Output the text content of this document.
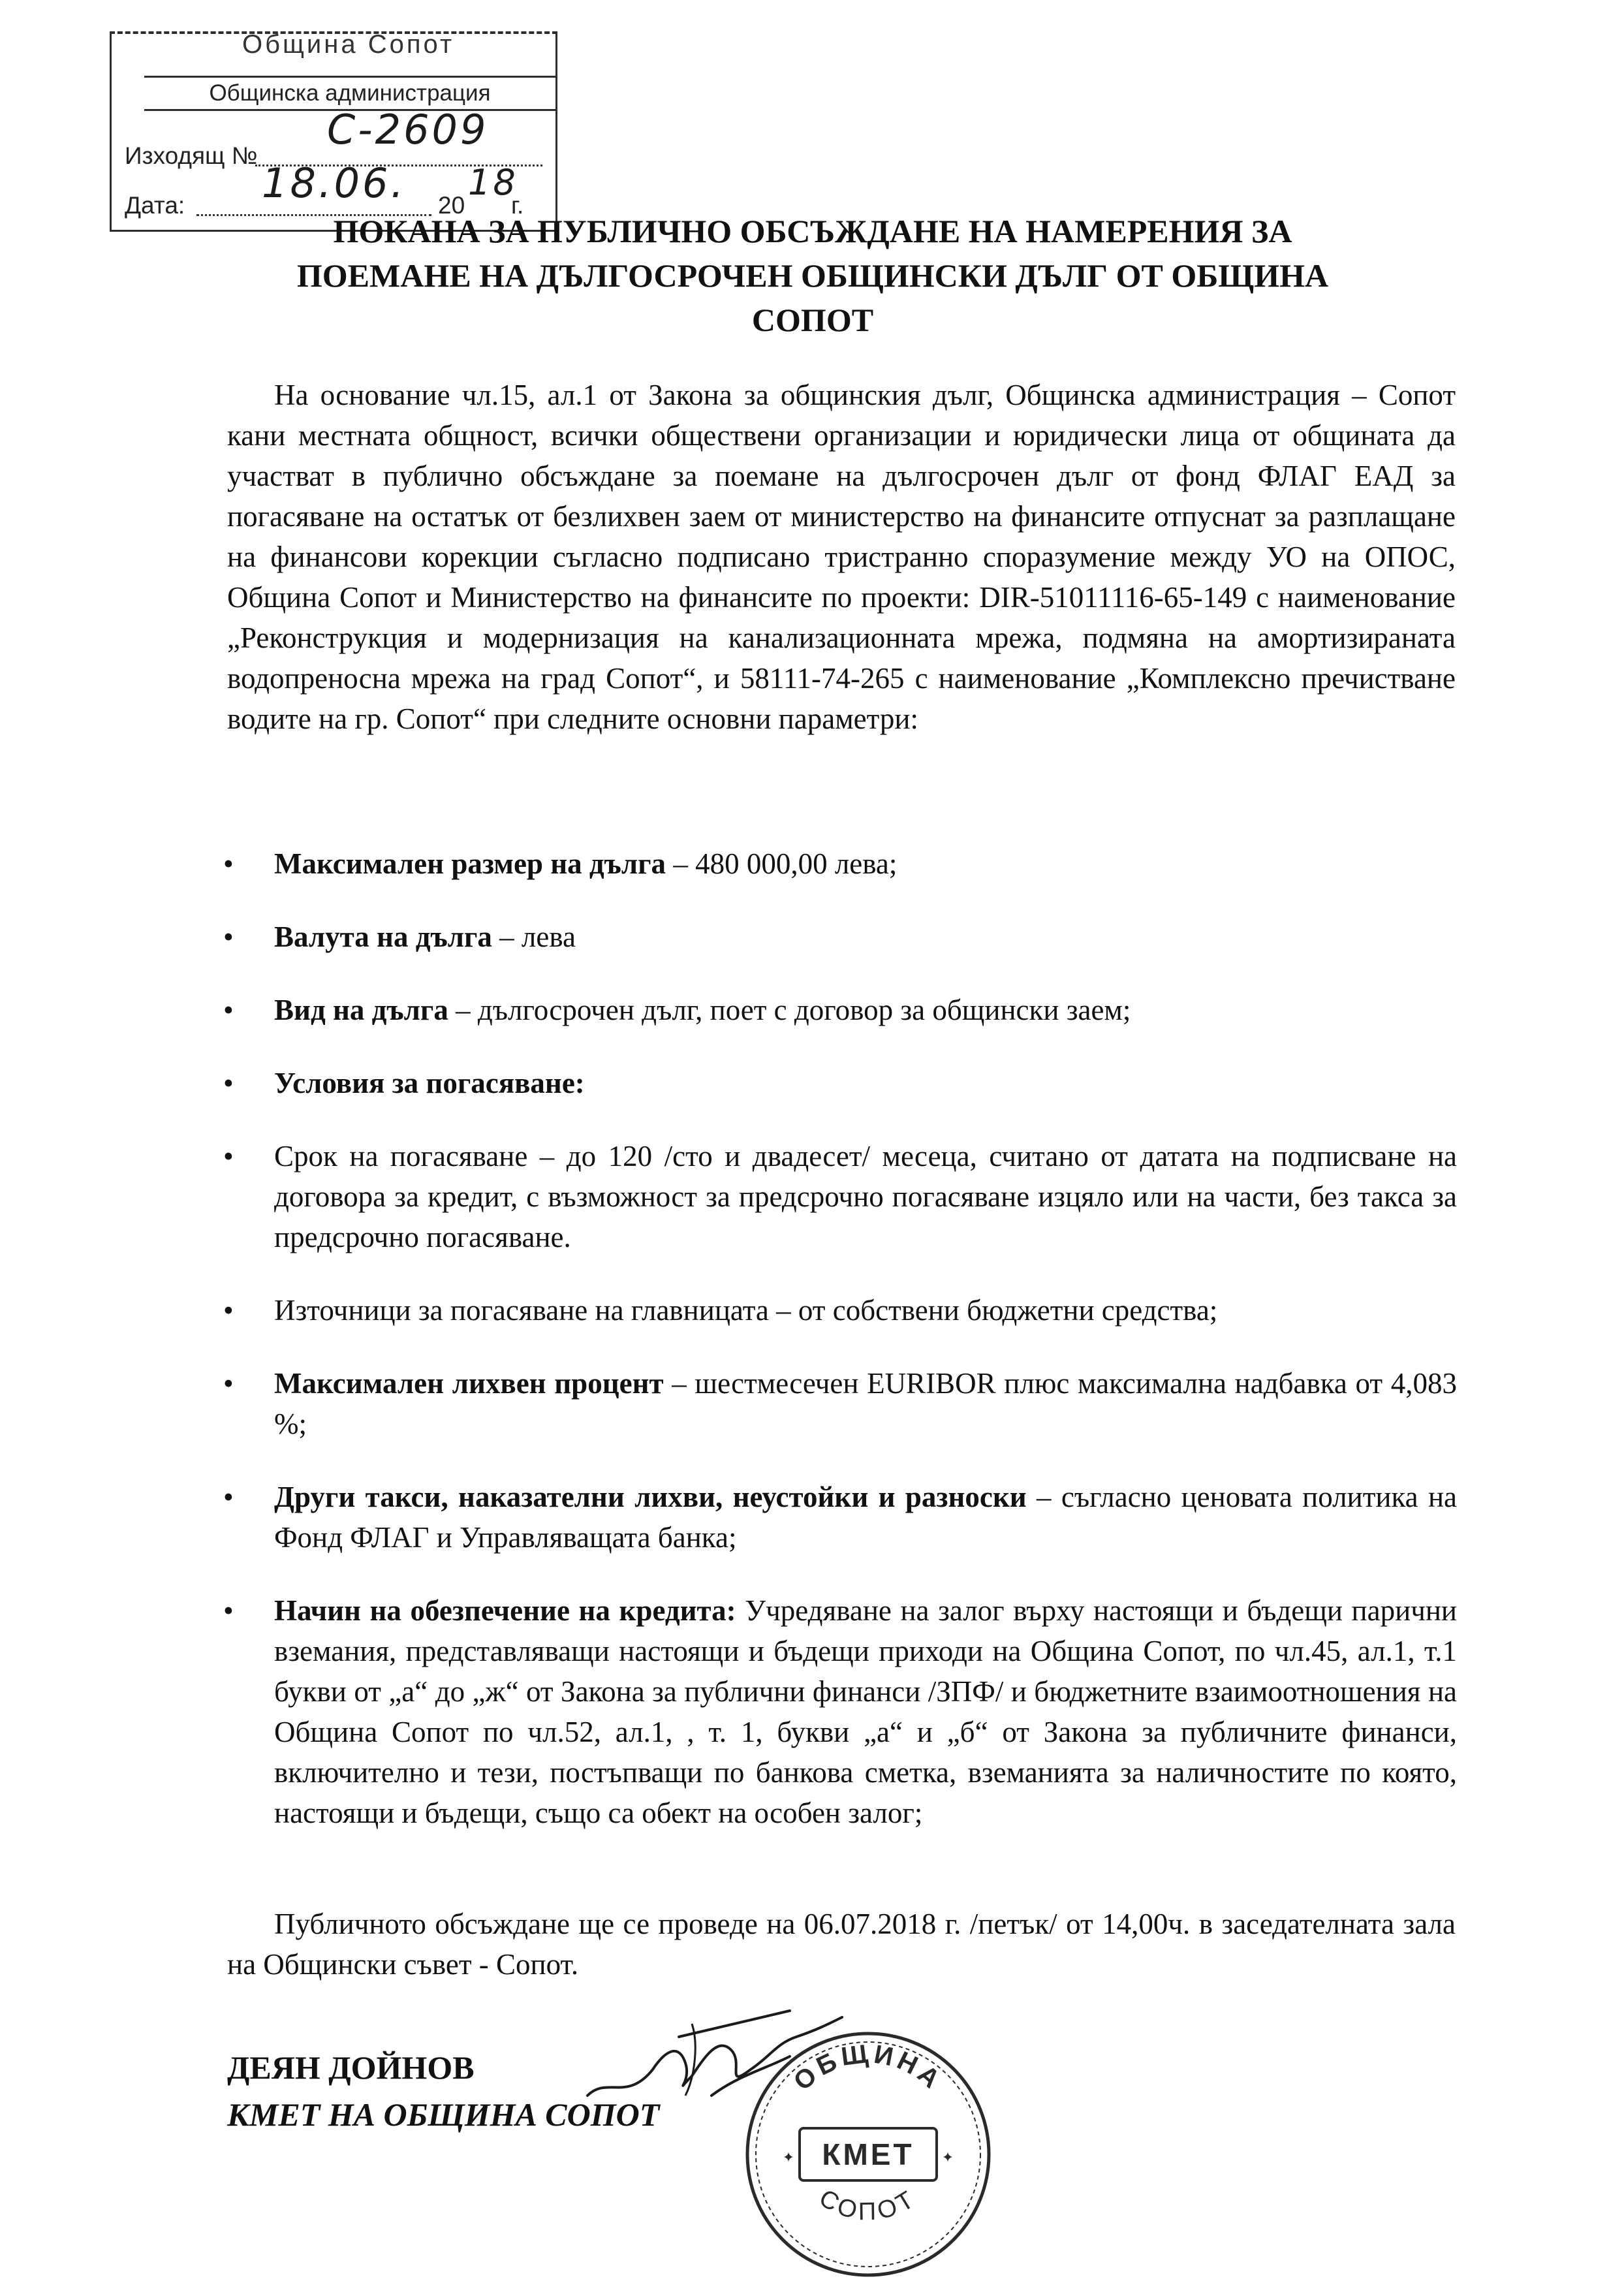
Община Сопот
Общинска администрация
Изходящ №
С-2609
Дата: 18.06. 20
18
г.
ПОКАНА ЗА ПУБЛИЧНО ОБСЪЖДАНЕ НА НАМЕРЕНИЯ ЗА
ПОЕМАНЕ НА ДЪЛГОСРОЧЕН ОБЩИНСКИ ДЪЛГ ОТ ОБЩИНА
СОПОТ
На основание чл.15, ал.1 от Закона за общинския дълг, Общинска администрация – Сопот кани местната общност, всички обществени организации и юридически лица от общината да участват в публично обсъждане за поемане на дългосрочен дълг от фонд ФЛАГ ЕАД за погасяване на остатък от безлихвен заем от министерство на финансите отпуснат за разплащане на финансови корекции съгласно подписано тристранно споразумение между УО на ОПОС, Община Сопот и Министерство на финансите по проекти: DIR-51011116-65-149 с наименование „Реконструкция и модернизация на канализационната мрежа, подмяна на амортизираната водопреносна мрежа на град Сопот“, и 58111-74-265 с наименование „Комплексно пречистване водите на гр. Сопот“ при следните основни параметри:
• Максимален размер на дълга – 480 000,00 лева;
• Валута на дълга – лева
• Вид на дълга – дългосрочен дълг, поет с договор за общински заем;
• Условия за погасяване:
• Срок на погасяване – до 120 /сто и двадесет/ месеца, считано от датата на подписване на договора за кредит, с възможност за предсрочно погасяване изцяло или на части, без такса за предсрочно погасяване.
• Източници за погасяване на главницата – от собствени бюджетни средства;
• Максимален лихвен процент – шестмесечен EURIBOR плюс максимална надбавка от 4,083 %;
• Други такси, наказателни лихви, неустойки и разноски – съгласно ценовата политика на Фонд ФЛАГ и Управляващата банка;
• Начин на обезпечение на кредита: Учредяване на залог върху настоящи и бъдещи парични вземания, представляващи настоящи и бъдещи приходи на Община Сопот, по чл.45, ал.1, т.1 букви от „а“ до „ж“ от Закона за публични финанси /ЗПФ/ и бюджетните взаимоотношения на Община Сопот по чл.52, ал.1, , т. 1, букви „а“ и „б“ от Закона за публичните финанси, включително и тези, постъпващи по банкова сметка, вземанията за наличностите по която, настоящи и бъдещи, също са обект на особен залог;
Публичното обсъждане ще се проведе на 06.07.2018 г. /петък/ от 14,00ч. в заседателната зала на Общински съвет - Сопот.
ДЕЯН ДОЙНОВ
КМЕТ НА ОБЩИНА СОПОТ
ОБЩИНА
КМЕТ
СОПОТ
✦	✦
